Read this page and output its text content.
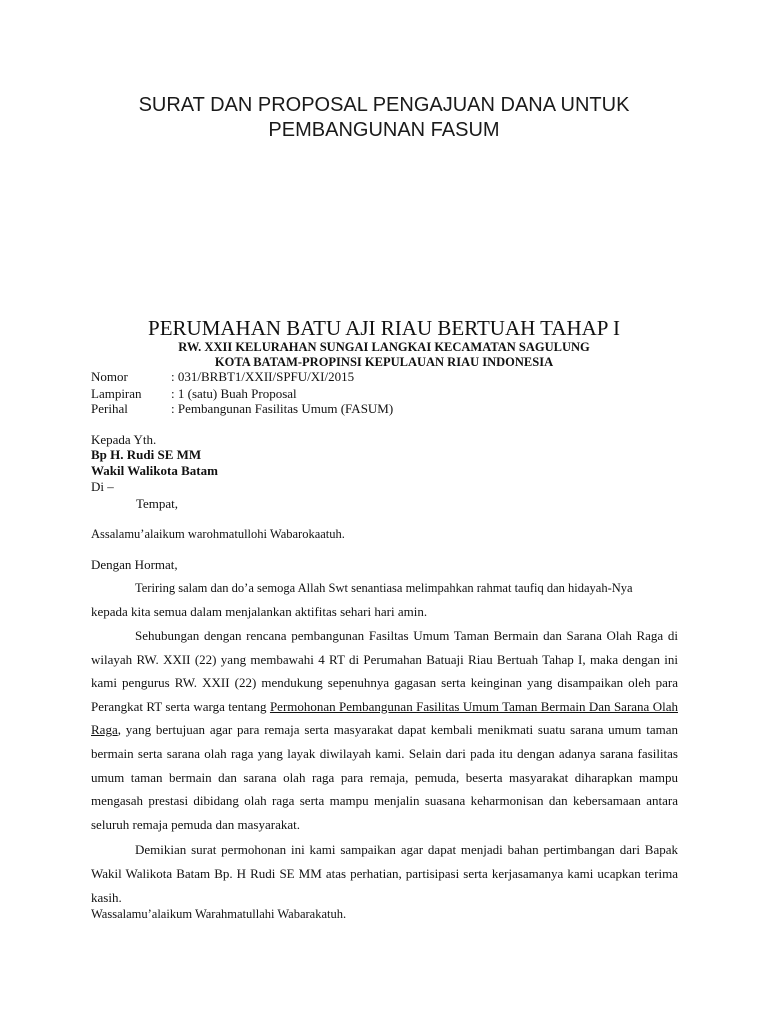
SURAT DAN PROPOSAL PENGAJUAN DANA UNTUK
PEMBANGUNAN FASUM
PERUMAHAN BATU AJI RIAU BERTUAH TAHAP I
RW. XXII KELURAHAN SUNGAI LANGKAI KECAMATAN SAGULUNG
KOTA BATAM-PROPINSI KEPULAUAN RIAU INDONESIA
Nomor	: 031/BRBT1/XXII/SPFU/XI/2015
Lampiran : 1 (satu) Buah Proposal
Perihal	: Pembangunan Fasilitas Umum (FASUM)
Kepada Yth.
Bp H. Rudi SE MM
Wakil Walikota Batam
Di –
Tempat,
Assalamu’alaikum warohmatullohi Wabarokaatuh.
Dengan Hormat,
Teriring salam dan do’a semoga Allah Swt senantiasa melimpahkan rahmat taufiq dan hidayah-Nya
kepada kita semua dalam menjalankan aktifitas sehari hari amin.

Sehubungan dengan rencana pembangunan Fasiltas Umum Taman Bermain dan Sarana Olah Raga di wilayah RW. XXII (22) yang membawahi 4 RT di Perumahan Batuaji Riau Bertuah Tahap I, maka dengan ini kami pengurus RW. XXII (22) mendukung sepenuhnya gagasan serta keinginan yang disampaikan oleh para Perangkat RT serta warga tentang Permohonan Pembangunan Fasilitas Umum Taman Bermain Dan Sarana Olah Raga, yang bertujuan agar para remaja serta masyarakat dapat kembali menikmati suatu sarana umum taman bermain serta sarana olah raga yang layak diwilayah kami. Selain dari pada itu dengan adanya sarana fasilitas umum taman bermain dan sarana olah raga para remaja, pemuda, beserta masyarakat diharapkan mampu mengasah prestasi dibidang olah raga serta mampu menjalin suasana keharmonisan dan kebersamaan antara seluruh remaja pemuda dan masyarakat.

Demikian surat permohonan ini kami sampaikan agar dapat menjadi bahan pertimbangan dari Bapak Wakil Walikota Batam Bp. H Rudi SE MM atas perhatian, partisipasi serta kerjasamanya kami ucapkan terima kasih.

Wassalamu’alaikum Warahmatullahi Wabarakatuh.
